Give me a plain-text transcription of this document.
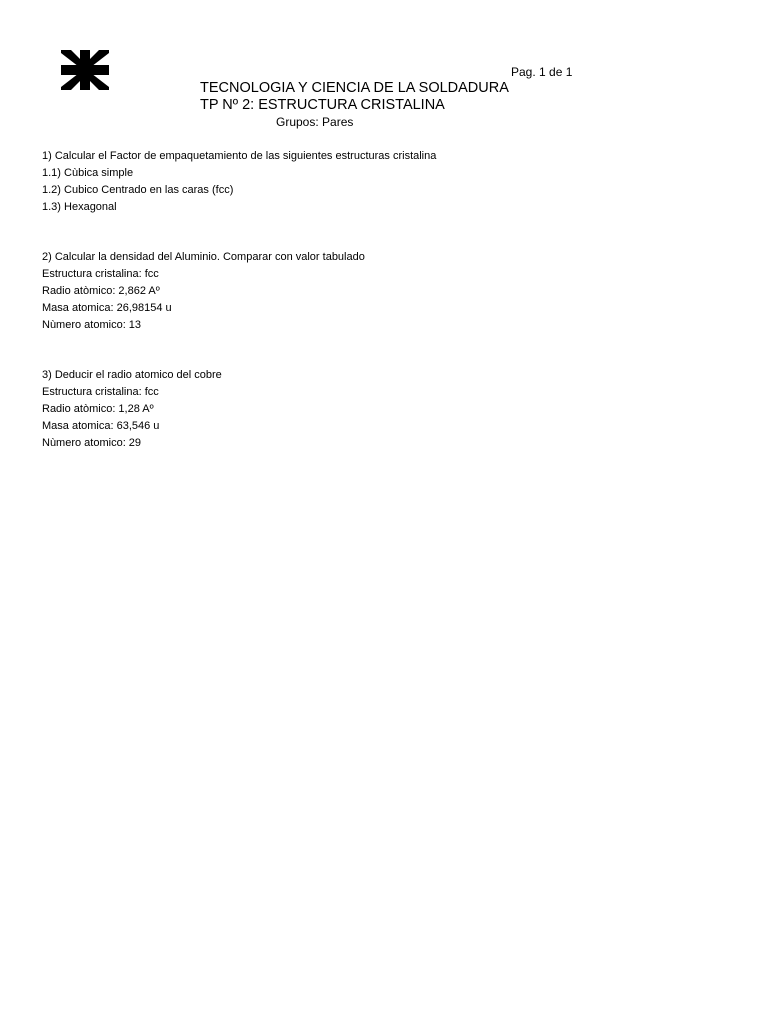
Pag. 1 de 1
TECNOLOGIA Y CIENCIA DE LA SOLDADURA
TP Nº 2: ESTRUCTURA CRISTALINA
Grupos: Pares
1) Calcular el Factor de empaquetamiento de las siguientes estructuras cristalina
1.1) Cùbica simple
1.2) Cubico Centrado en las caras (fcc)
1.3) Hexagonal
2) Calcular la densidad del Aluminio. Comparar con valor tabulado
Estructura cristalina: fcc
Radio atòmico: 2,862 Aº
Masa atomica: 26,98154 u
Nùmero atomico: 13
3) Deducir el radio atomico del cobre
Estructura cristalina: fcc
Radio atòmico: 1,28 Aº
Masa atomica: 63,546 u
Nùmero atomico: 29
